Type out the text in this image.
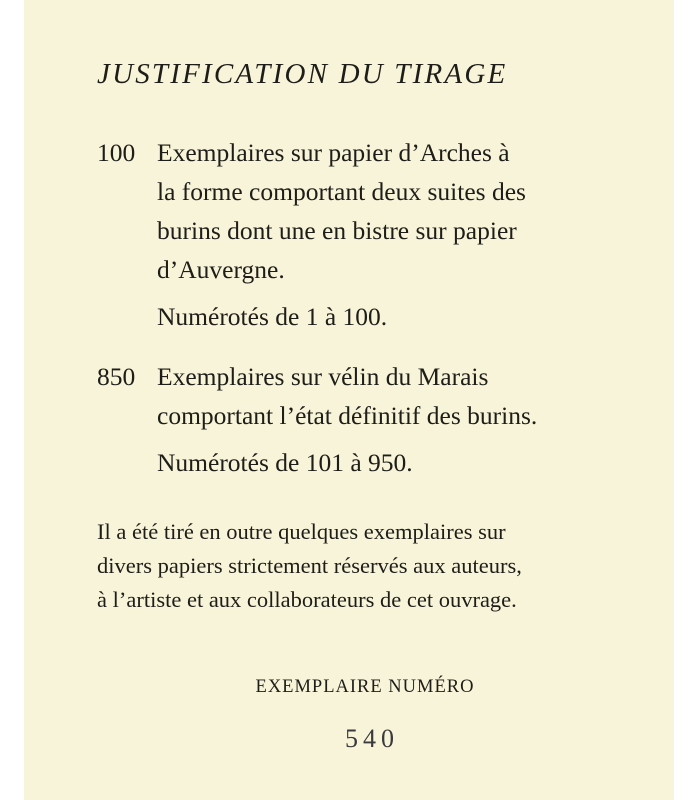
JUSTIFICATION DU TIRAGE
100 Exemplaires sur papier d’Arches à
la forme comportant deux suites des
burins dont une en bistre sur papier
d’Auvergne.
Numérotés de 1 à 100.
850 Exemplaires sur vélin du Marais
comportant l’état définitif des burins.
Numérotés de 101 à 950.
Il a été tiré en outre quelques exemplaires sur
divers papiers strictement réservés aux auteurs,
à l’artiste et aux collaborateurs de cet ouvrage.
EXEMPLAIRE NUMÉRO
540
